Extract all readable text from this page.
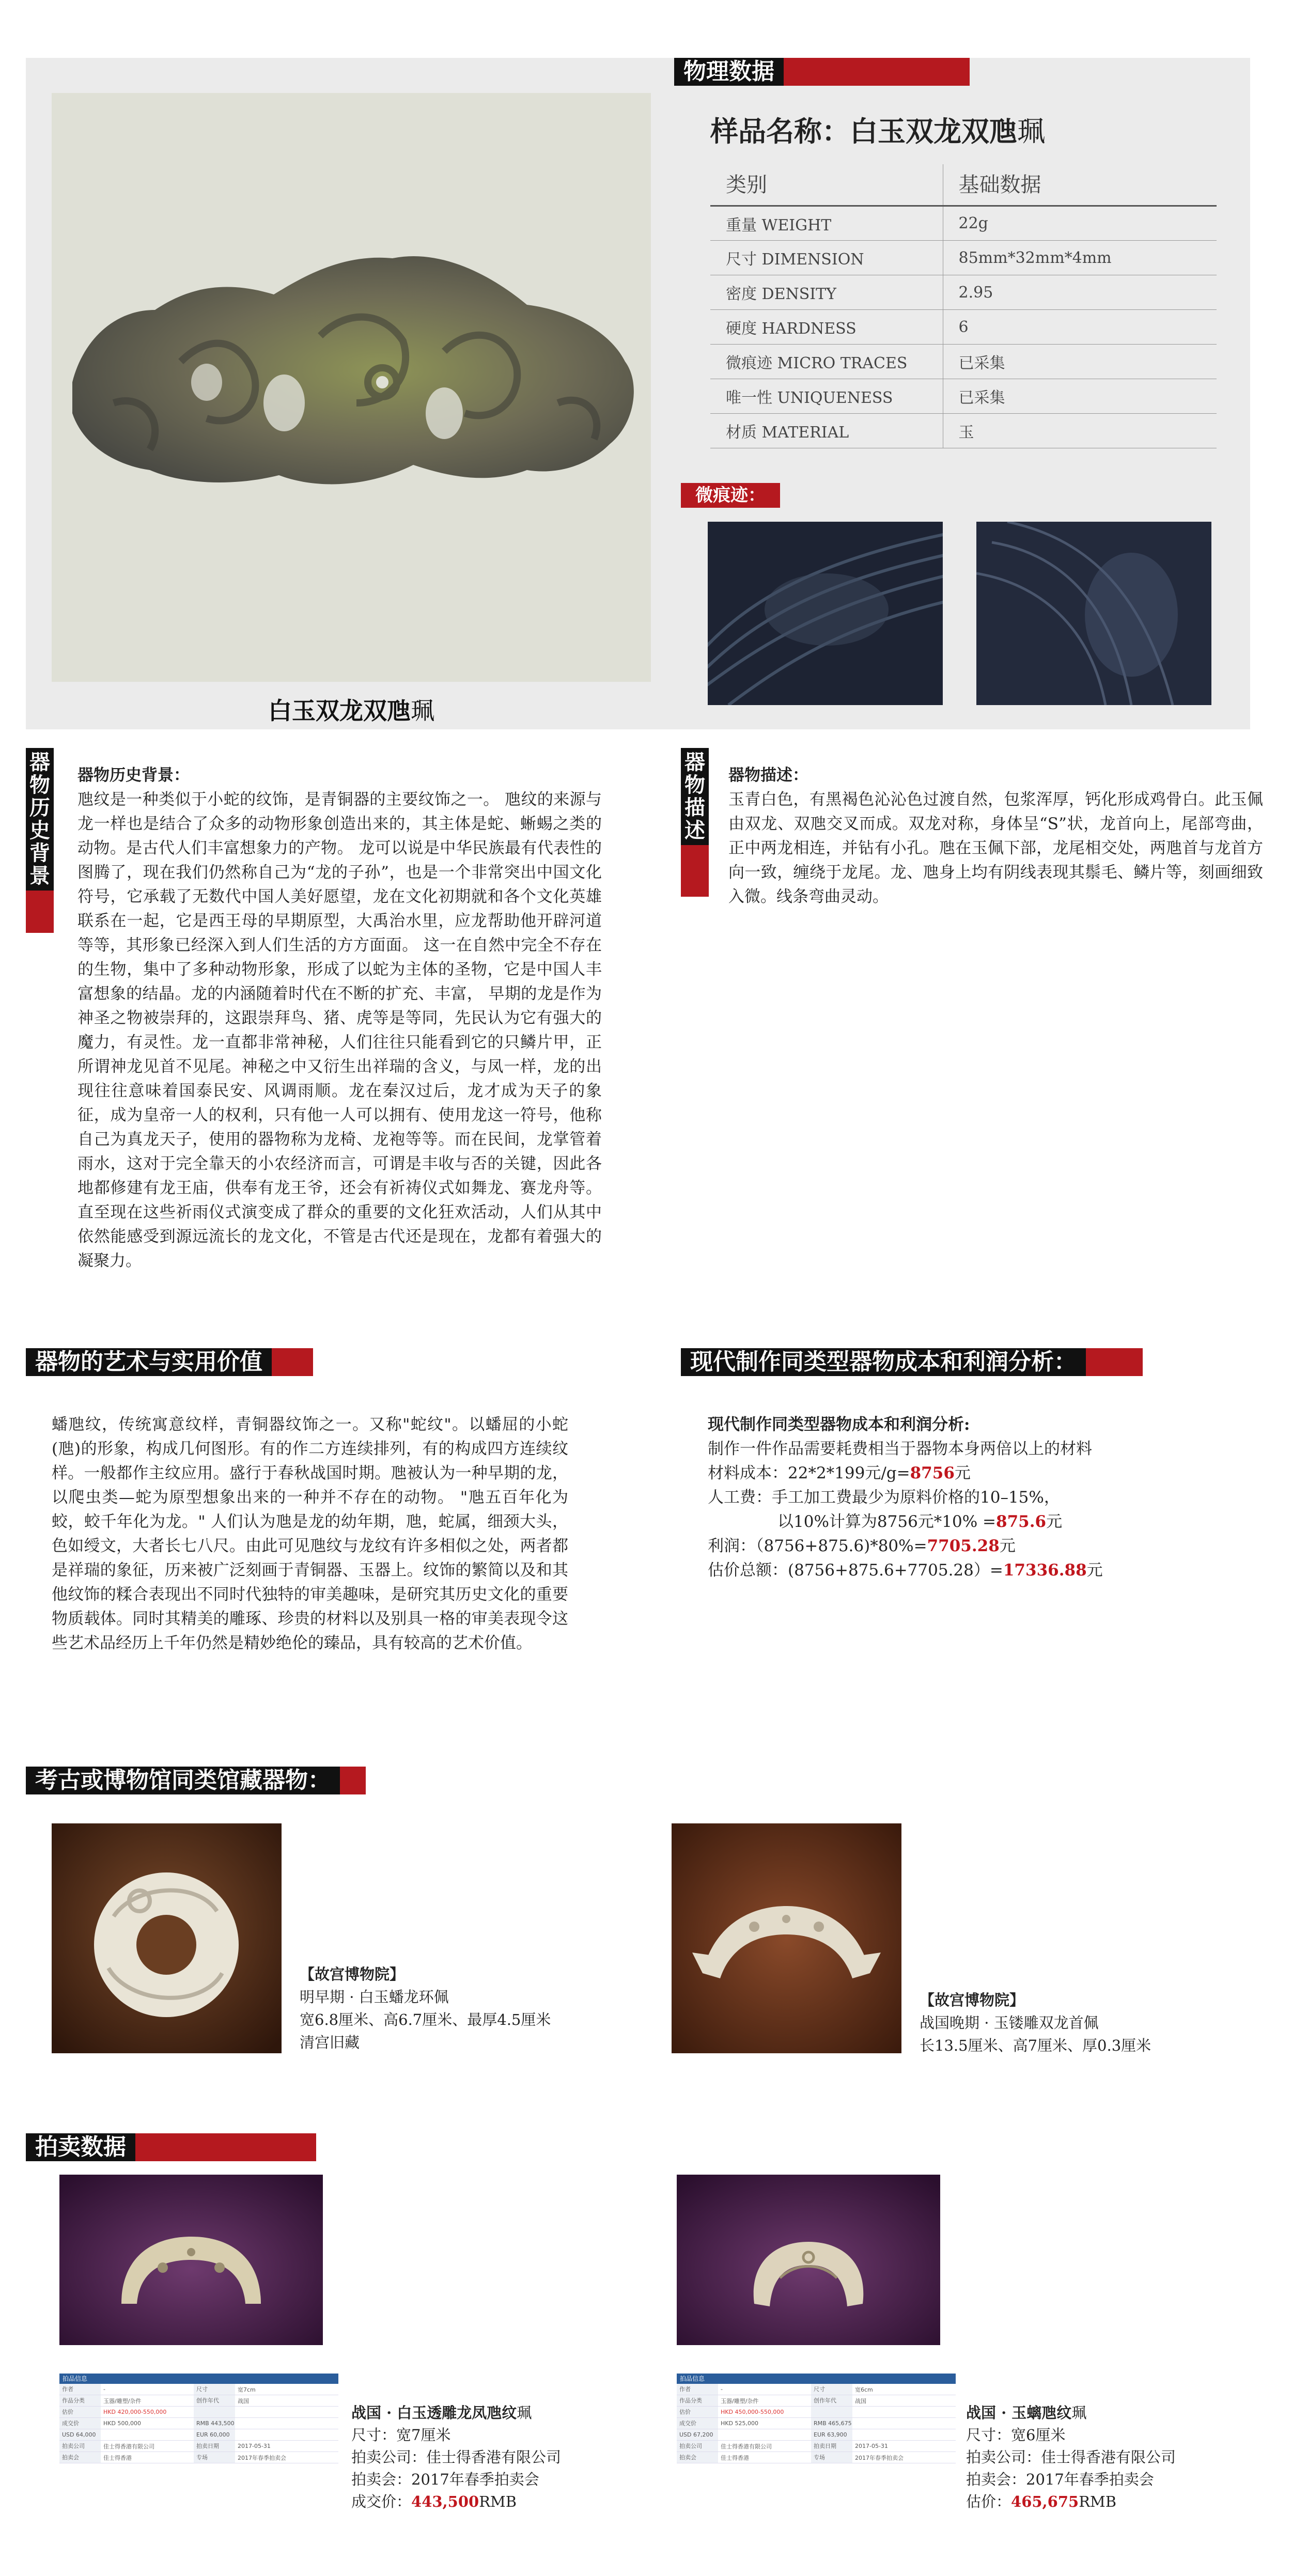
白玉双龙双虺珮
物理数据
样品名称：白玉双龙双虺珮
类别	基础数据
重量 WEIGHT	22g
尺寸 DIMENSION	85mm*32mm*4mm
密度 DENSITY	2.95
硬度 HARDNESS	6
微痕迹 MICRO TRACES	已采集
唯一性 UNIQUENESS	已采集
材质 MATERIAL	玉
微痕迹：
器物历史背景
器物历史背景：
虺纹是一种类似于小蛇的纹饰，是青铜器的主要纹饰之一。 虺纹的来源与龙一样也是结合了众多的动物形象创造出来的，其主体是蛇、蜥蜴之类的动物。是古代人们丰富想象力的产物。 龙可以说是中华民族最有代表性的图腾了，现在我们仍然称自己为“龙的子孙”，也是一个非常突出中国文化符号，它承载了无数代中国人美好愿望，龙在文化初期就和各个文化英雄联系在一起，它是西王母的早期原型，大禹治水里，应龙帮助他开辟河道等等，其形象已经深入到人们生活的方方面面。 这一在自然中完全不存在的生物，集中了多种动物形象，形成了以蛇为主体的圣物，它是中国人丰富想象的结晶。龙的内涵随着时代在不断的扩充、丰富， 早期的龙是作为神圣之物被崇拜的，这跟崇拜鸟、猪、虎等是等同，先民认为它有强大的魔力，有灵性。龙一直都非常神秘，人们往往只能看到它的只鳞片甲，正所谓神龙见首不见尾。神秘之中又衍生出祥瑞的含义，与凤一样，龙的出现往往意味着国泰民安、风调雨顺。龙在秦汉过后，龙才成为天子的象征，成为皇帝一人的权利，只有他一人可以拥有、使用龙这一符号，他称自己为真龙天子，使用的器物称为龙椅、龙袍等等。而在民间，龙掌管着雨水，这对于完全靠天的小农经济而言，可谓是丰收与否的关键，因此各地都修建有龙王庙，供奉有龙王爷，还会有祈祷仪式如舞龙、赛龙舟等。直至现在这些祈雨仪式演变成了群众的重要的文化狂欢活动，人们从其中依然能感受到源远流长的龙文化，不管是古代还是现在，龙都有着强大的凝聚力。
器物描述
器物描述：
玉青白色，有黑褐色沁沁色过渡自然，包浆浑厚，钙化形成鸡骨白。此玉佩由双龙、双虺交叉而成。双龙对称，身体呈“S”状，龙首向上，尾部弯曲，正中两龙相连，并钻有小孔。虺在玉佩下部，龙尾相交处，两虺首与龙首方向一致，缠绕于龙尾。龙、虺身上均有阴线表现其鬃毛、鳞片等，刻画细致入微。线条弯曲灵动。
器物的艺术与实用价值
蟠虺纹，传统寓意纹样，青铜器纹饰之一。又称"蛇纹"。以蟠屈的小蛇(虺)的形象，构成几何图形。有的作二方连续排列，有的构成四方连续纹样。一般都作主纹应用。盛行于春秋战国时期。虺被认为一种早期的龙，以爬虫类—蛇为原型想象出来的一种并不存在的动物。 "虺五百年化为蛟，蛟千年化为龙。" 人们认为虺是龙的幼年期，虺，蛇属，细颈大头，色如绶文，大者长七八尺。由此可见虺纹与龙纹有许多相似之处，两者都是祥瑞的象征，历来被广泛刻画于青铜器、玉器上。纹饰的繁简以及和其他纹饰的糅合表现出不同时代独特的审美趣味，是研究其历史文化的重要物质载体。同时其精美的雕琢、珍贵的材料以及别具一格的审美表现令这些艺术品经历上千年仍然是精妙绝伦的臻品，具有较高的艺术价值。
现代制作同类型器物成本和利润分析：
现代制作同类型器物成本和利润分析:
制作一件作品需要耗费相当于器物本身两倍以上的材料
材料成本：22*2*199元/g=8756元
人工费：手工加工费最少为原料价格的10–15%，
以10%计算为8756元*10% =875.6元
利润：（8756+875.6)*80%=7705.28元
估价总额：(8756+875.6+7705.28）=17336.88元
考古或博物馆同类馆藏器物：
【故宫博物院】
明早期 · 白玉蟠龙环佩
宽6.8厘米、高6.7厘米、最厚4.5厘米
清宫旧藏
【故宫博物院】
战国晚期 · 玉镂雕双龙首佩
长13.5厘米、高7厘米、厚0.3厘米
拍卖数据
拍品信息
作者	-	尺寸	宽7cm
作品分类	玉器/雕塑/杂件	创作年代	战国
估价	HKD 420,000-550,000
成交价	HKD 500,000	RMB 443,500
USD 64,000	EUR 60,000
拍卖公司	佳士得香港有限公司	拍卖日期	2017-05-31
拍卖会	佳士得香港	专场	2017年春季拍卖会
战国 · 白玉透雕龙凤虺纹珮
尺寸：宽7厘米
拍卖公司：佳士得香港有限公司
拍卖会：2017年春季拍卖会
成交价：443,500RMB
拍品信息
作者	-	尺寸	宽6cm
作品分类	玉器/雕塑/杂件	创作年代	战国
估价	HKD 450,000-550,000
成交价	HKD 525,000	RMB 465,675
USD 67,200	EUR 63,900
拍卖公司	佳士得香港有限公司	拍卖日期	2017-05-31
拍卖会	佳士得香港	专场	2017年春季拍卖会
战国 · 玉螭虺纹珮
尺寸：宽6厘米
拍卖公司：佳士得香港有限公司
拍卖会：2017年春季拍卖会
估价：465,675RMB
